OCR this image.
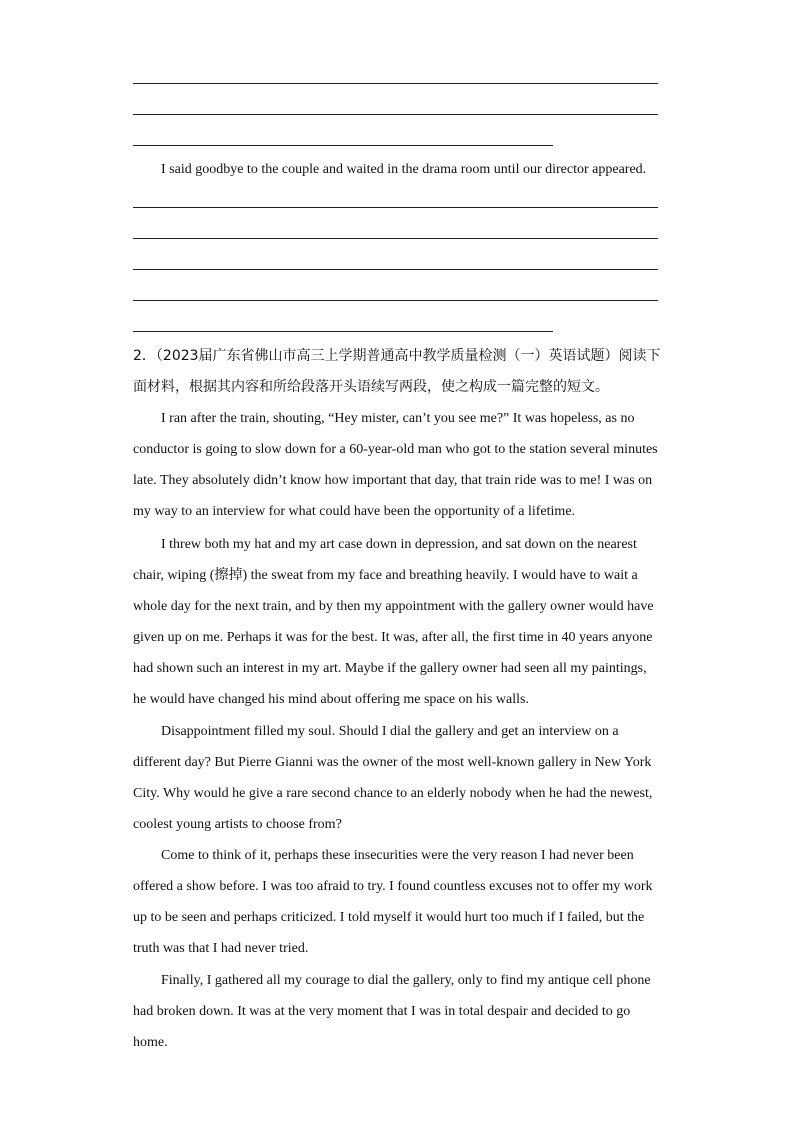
I said goodbye to the couple and waited in the drama room until our director appeared.
2．（2023届广东省佛山市高三上学期普通高中教学质量检测（一）英语试题）阅读下
面材料，根据其内容和所给段落开头语续写两段，使之构成一篇完整的短文。
I ran after the train, shouting, “Hey mister, can’t you see me?” It was hopeless, as no
conductor is going to slow down for a 60-year-old man who got to the station several minutes
late. They absolutely didn’t know how important that day, that train ride was to me! I was on
my way to an interview for what could have been the opportunity of a lifetime.
I threw both my hat and my art case down in depression, and sat down on the nearest
chair, wiping (擦掉) the sweat from my face and breathing heavily. I would have to wait a
whole day for the next train, and by then my appointment with the gallery owner would have
given up on me. Perhaps it was for the best. It was, after all, the first time in 40 years anyone
had shown such an interest in my art. Maybe if the gallery owner had seen all my paintings,
he would have changed his mind about offering me space on his walls.
Disappointment filled my soul. Should I dial the gallery and get an interview on a
different day? But Pierre Gianni was the owner of the most well-known gallery in New York
City. Why would he give a rare second chance to an elderly nobody when he had the newest,
coolest young artists to choose from?
Come to think of it, perhaps these insecurities were the very reason I had never been
offered a show before. I was too afraid to try. I found countless excuses not to offer my work
up to be seen and perhaps criticized. I told myself it would hurt too much if I failed, but the
truth was that I had never tried.
Finally, I gathered all my courage to dial the gallery, only to find my antique cell phone
had broken down. It was at the very moment that I was in total despair and decided to go
home.
